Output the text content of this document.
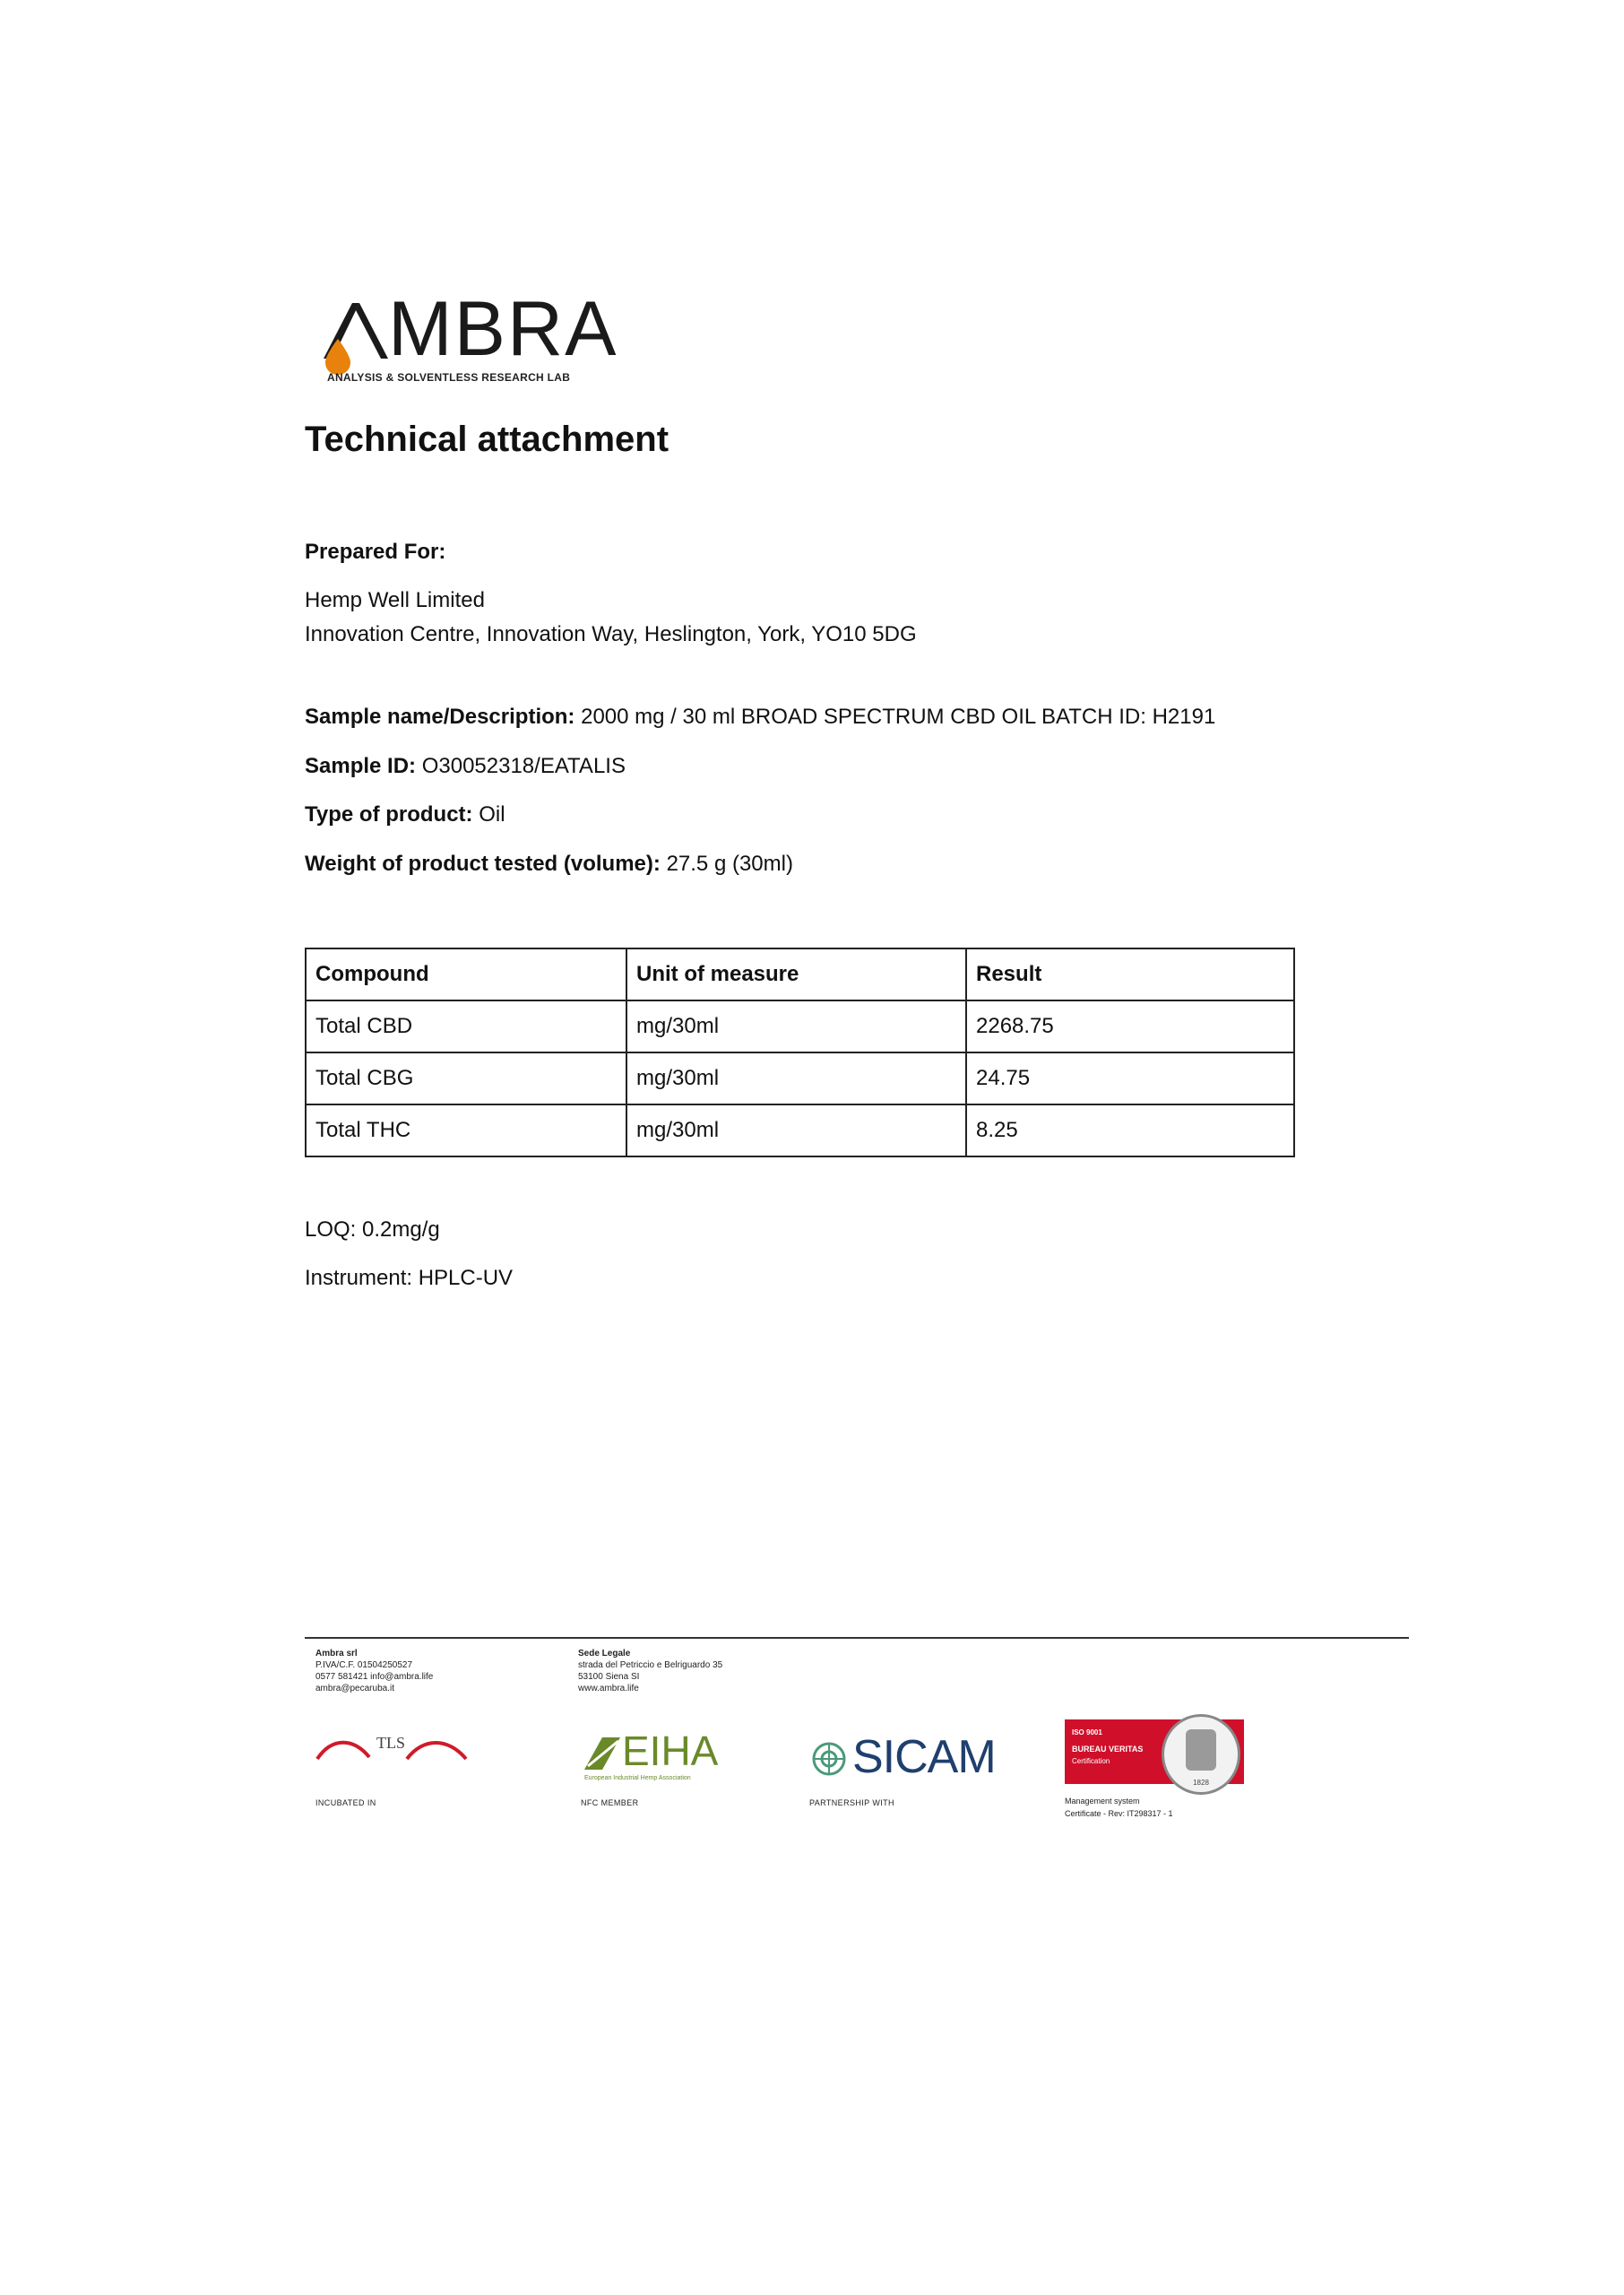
MBRA
ANALYSIS & SOLVENTLESS RESEARCH LAB
Technical attachment
Prepared For:
Hemp Well Limited
Innovation Centre, Innovation Way, Heslington, York, YO10 5DG
Sample name/Description: 2000 mg / 30 ml BROAD SPECTRUM CBD OIL BATCH ID: H2191
Sample ID: O30052318/EATALIS
Type of product: Oil
Weight of product tested (volume): 27.5 g (30ml)
Compound	Unit of measure	Result
Total CBD	mg/30ml	2268.75
Total CBG	mg/30ml	24.75
Total THC	mg/30ml	8.25
LOQ: 0.2mg/g
Instrument: HPLC-UV
Ambra srl
P.IVA/C.F. 01504250527
0577 581421 info@ambra.life
ambra@pecaruba.it
Sede Legale
strada del Petriccio e Belriguardo 35
53100 Siena SI
www.ambra.life
TLS
INCUBATED IN
EIHA
European Industrial Hemp Association
NFC MEMBER
SICAM
PARTNERSHIP WITH
ISO 9001
BUREAU VERITAS
Certification
1828
Management system
Certificate - Rev: IT298317 - 1
